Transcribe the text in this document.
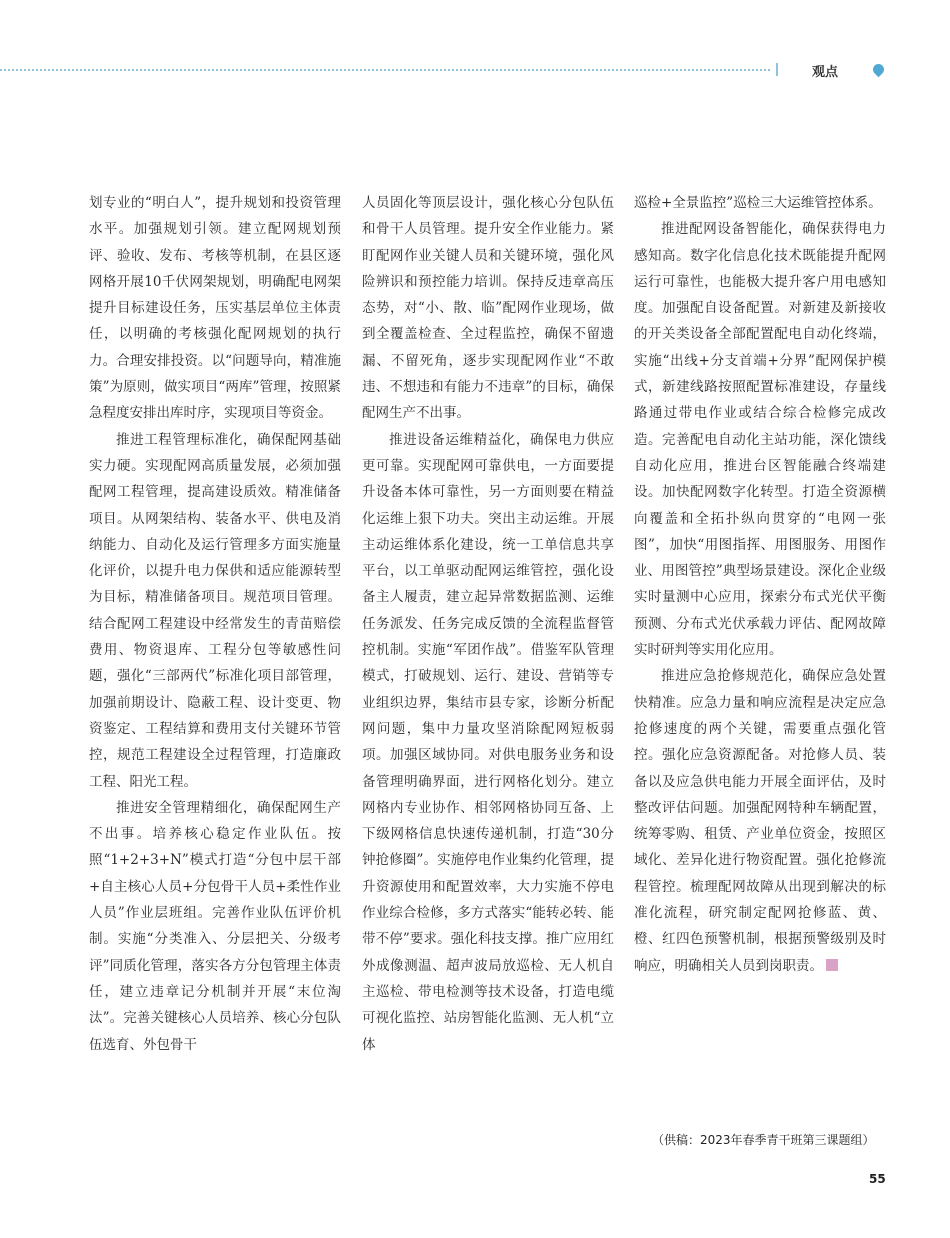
观点

划专业的“明白人”，提升规划和投资管理水平。加强规划引领。建立配网规划预评、验收、发布、考核等机制，在县区逐网格开展10千伏网架规划，明确配电网架提升目标建设任务，压实基层单位主体责任，以明确的考核强化配网规划的执行力。合理安排投资。以“问题导向，精准施策”为原则，做实项目“两库”管理，按照紧急程度安排出库时序，实现项目等资金。

推进工程管理标准化，确保配网基础实力硬。实现配网高质量发展，必须加强配网工程管理，提高建设质效。精准储备项目。从网架结构、装备水平、供电及消纳能力、自动化及运行管理多方面实施量化评价，以提升电力保供和适应能源转型为目标，精准储备项目。规范项目管理。结合配网工程建设中经常发生的青苗赔偿费用、物资退库、工程分包等敏感性问题，强化“三部两代”标准化项目部管理，加强前期设计、隐蔽工程、设计变更、物资鉴定、工程结算和费用支付关键环节管控，规范工程建设全过程管理，打造廉政工程、阳光工程。

推进安全管理精细化，确保配网生产不出事。培养核心稳定作业队伍。按照“1+2+3+N”模式打造“分包中层干部+自主核心人员+分包骨干人员+柔性作业人员”作业层班组。完善作业队伍评价机制。实施“分类准入、分层把关、分级考评”同质化管理，落实各方分包管理主体责任，建立违章记分机制并开展“末位淘汰”。完善关键核心人员培养、核心分包队伍选育、外包骨干

人员固化等顶层设计，强化核心分包队伍和骨干人员管理。提升安全作业能力。紧盯配网作业关键人员和关键环境，强化风险辨识和预控能力培训。保持反违章高压态势，对“小、散、临”配网作业现场，做到全覆盖检查、全过程监控，确保不留遗漏、不留死角，逐步实现配网作业“不敢违、不想违和有能力不违章”的目标，确保配网生产不出事。

推进设备运维精益化，确保电力供应更可靠。实现配网可靠供电，一方面要提升设备本体可靠性，另一方面则要在精益化运维上狠下功夫。突出主动运维。开展主动运维体系化建设，统一工单信息共享平台，以工单驱动配网运维管控，强化设备主人履责，建立起异常数据监测、运维任务派发、任务完成反馈的全流程监督管控机制。实施“军团作战”。借鉴军队管理模式，打破规划、运行、建设、营销等专业组织边界，集结市县专家，诊断分析配网问题，集中力量攻坚消除配网短板弱项。加强区域协同。对供电服务业务和设备管理明确界面，进行网格化划分。建立网格内专业协作、相邻网格协同互备、上下级网格信息快速传递机制，打造“30分钟抢修圈”。实施停电作业集约化管理，提升资源使用和配置效率，大力实施不停电作业综合检修，多方式落实“能转必转、能带不停”要求。强化科技支撑。推广应用红外成像测温、超声波局放巡检、无人机自主巡检、带电检测等技术设备，打造电缆可视化监控、站房智能化监测、无人机“立体

巡检+全景监控”巡检三大运维管控体系。

推进配网设备智能化，确保获得电力感知高。数字化信息化技术既能提升配网运行可靠性，也能极大提升客户用电感知度。加强配自设备配置。对新建及新接收的开关类设备全部配置配电自动化终端，实施“出线+分支首端+分界”配网保护模式，新建线路按照配置标准建设，存量线路通过带电作业或结合综合检修完成改造。完善配电自动化主站功能，深化馈线自动化应用，推进台区智能融合终端建设。加快配网数字化转型。打造全资源横向覆盖和全拓扑纵向贯穿的“电网一张图”，加快“用图指挥、用图服务、用图作业、用图管控”典型场景建设。深化企业级实时量测中心应用，探索分布式光伏平衡预测、分布式光伏承载力评估、配网故障实时研判等实用化应用。

推进应急抢修规范化，确保应急处置快精准。应急力量和响应流程是决定应急抢修速度的两个关键，需要重点强化管控。强化应急资源配备。对抢修人员、装备以及应急供电能力开展全面评估，及时整改评估问题。加强配网特种车辆配置，统筹零购、租赁、产业单位资金，按照区域化、差异化进行物资配置。强化抢修流程管控。梳理配网故障从出现到解决的标准化流程，研究制定配网抢修蓝、黄、橙、红四色预警机制，根据预警级别及时响应，明确相关人员到岗职责。

（供稿：2023年春季青干班第三课题组）
55
